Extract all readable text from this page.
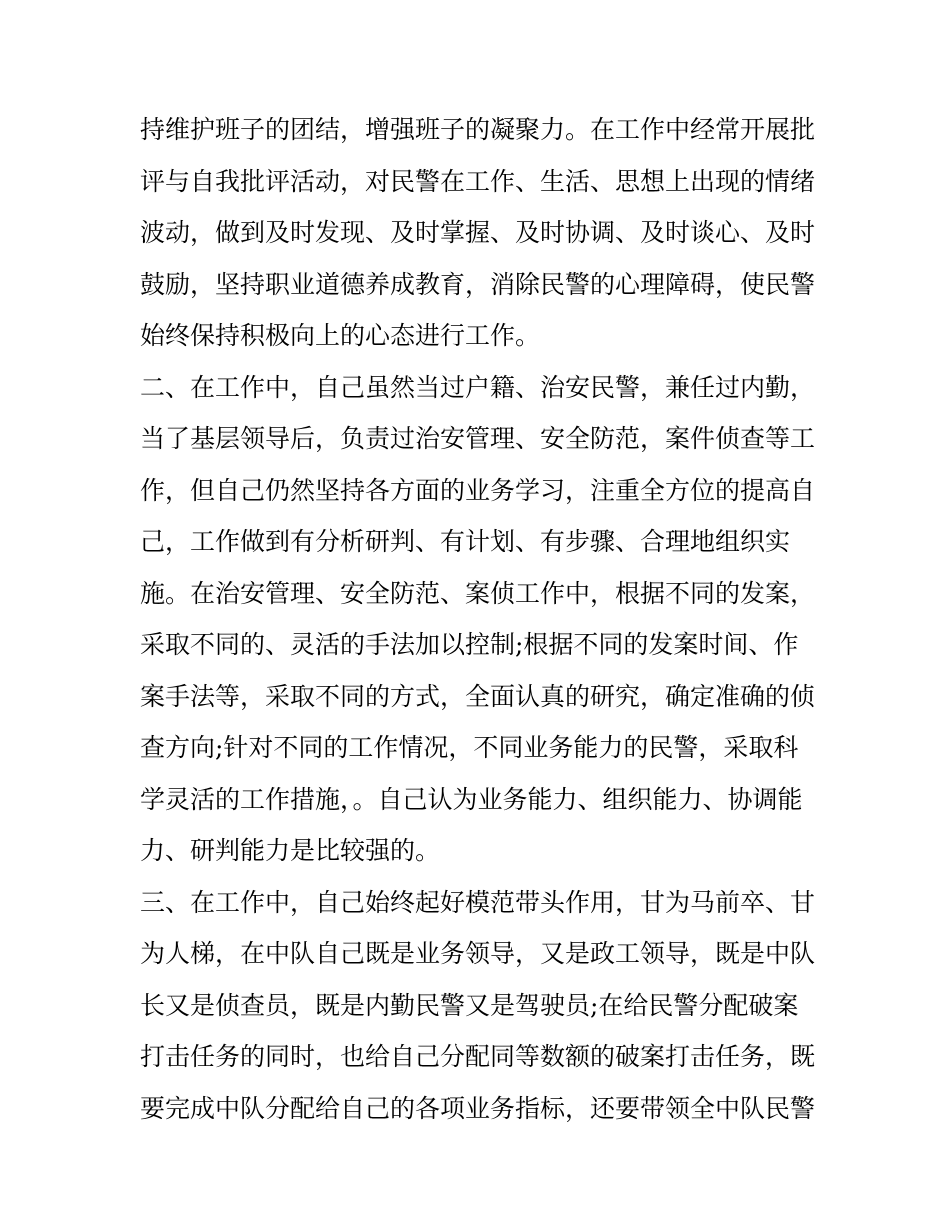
持维护班子的团结，增强班子的凝聚力。在工作中经常开展批
评与自我批评活动，对民警在工作、生活、思想上出现的情绪
波动，做到及时发现、及时掌握、及时协调、及时谈心、及时
鼓励，坚持职业道德养成教育，消除民警的心理障碍，使民警
始终保持积极向上的心态进行工作。
二、在工作中，自己虽然当过户籍、治安民警，兼任过内勤，
当了基层领导后，负责过治安管理、安全防范，案件侦查等工
作，但自己仍然坚持各方面的业务学习，注重全方位的提高自
己，工作做到有分析研判、有计划、有步骤、合理地组织实
施。在治安管理、安全防范、案侦工作中，根据不同的发案，
采取不同的、灵活的手法加以控制;根据不同的发案时间、作
案手法等，采取不同的方式，全面认真的研究，确定准确的侦
查方向;针对不同的工作情况，不同业务能力的民警，采取科
学灵活的工作措施，。自己认为业务能力、组织能力、协调能
力、研判能力是比较强的。
三、在工作中，自己始终起好模范带头作用，甘为马前卒、甘
为人梯，在中队自己既是业务领导，又是政工领导，既是中队
长又是侦查员，既是内勤民警又是驾驶员;在给民警分配破案
打击任务的同时，也给自己分配同等数额的破案打击任务，既
要完成中队分配给自己的各项业务指标，还要带领全中队民警
